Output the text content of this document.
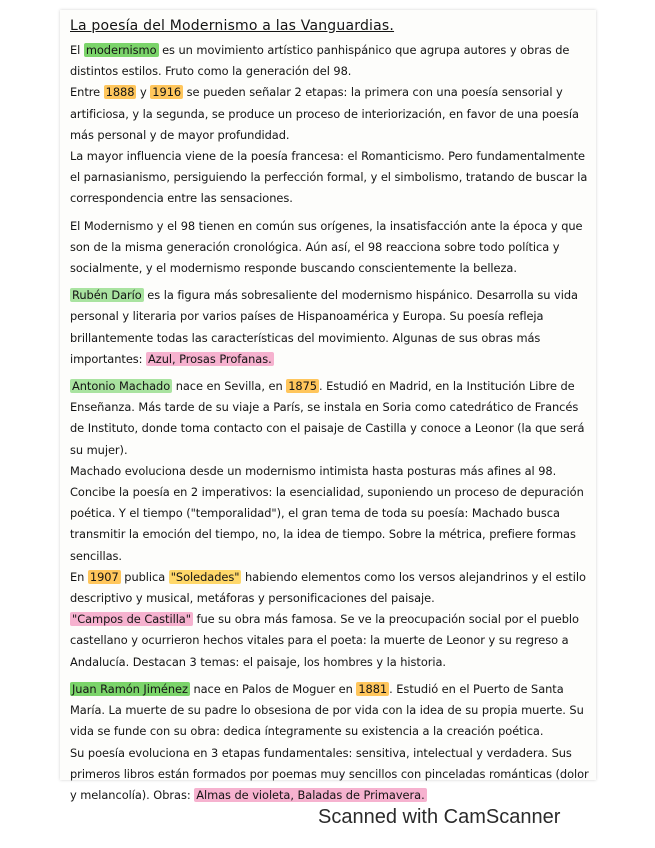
La poesía del Modernismo a las Vanguardias.

El modernismo es un movimiento artístico panhispánico que agrupa autores y obras de distintos estilos. Fruto como la generación del 98.

Entre 1888 y 1916 se pueden señalar 2 etapas: la primera con una poesía sensorial y artificiosa, y la segunda, se produce un proceso de interiorización, en favor de una poesía más personal y de mayor profundidad.

La mayor influencia viene de la poesía francesa: el Romanticismo. Pero fundamentalmente el parnasianismo, persiguiendo la perfección formal, y el simbolismo, tratando de buscar la correspondencia entre las sensaciones.

El Modernismo y el 98 tienen en común sus orígenes, la insatisfacción ante la época y que son de la misma generación cronológica. Aún así, el 98 reacciona sobre todo política y socialmente, y el modernismo responde buscando conscientemente la belleza.

Rubén Darío es la figura más sobresaliente del modernismo hispánico. Desarrolla su vida personal y literaria por varios países de Hispanoamérica y Europa. Su poesía refleja brillantemente todas las características del movimiento. Algunas de sus obras más importantes: Azul, Prosas Profanas.

Antonio Machado nace en Sevilla, en 1875 . Estudió en Madrid, en la Institución Libre de Enseñanza. Más tarde de su viaje a París, se instala en Soria como catedrático de Francés de Instituto, donde toma contacto con el paisaje de Castilla y conoce a Leonor (la que será su mujer).

Machado evoluciona desde un modernismo intimista hasta posturas más afines al 98. Concibe la poesía en 2 imperativos: la esencialidad, suponiendo un proceso de depuración poética. Y el tiempo ("temporalidad"), el gran tema de toda su poesía: Machado busca transmitir la emoción del tiempo, no, la idea de tiempo. Sobre la métrica, prefiere formas sencillas.

En 1907 publica "Soledades" habiendo elementos como los versos alejandrinos y el estilo descriptivo y musical, metáforas y personificaciones del paisaje.

"Campos de Castilla" fue su obra más famosa. Se ve la preocupación social por el pueblo castellano y ocurrieron hechos vitales para el poeta: la muerte de Leonor y su regreso a Andalucía. Destacan 3 temas: el paisaje, los hombres y la historia.

Juan Ramón Jiménez nace en Palos de Moguer en 1881 . Estudió en el Puerto de Santa María. La muerte de su padre lo obsesiona de por vida con la idea de su propia muerte. Su vida se funde con su obra: dedica íntegramente su existencia a la creación poética.

Su poesía evoluciona en 3 etapas fundamentales: sensitiva, intelectual y verdadera. Sus primeros libros están formados por poemas muy sencillos con pinceladas románticas (dolor y melancolía). Obras: Almas de violeta, Baladas de Primavera.

Scanned with CamScanner
